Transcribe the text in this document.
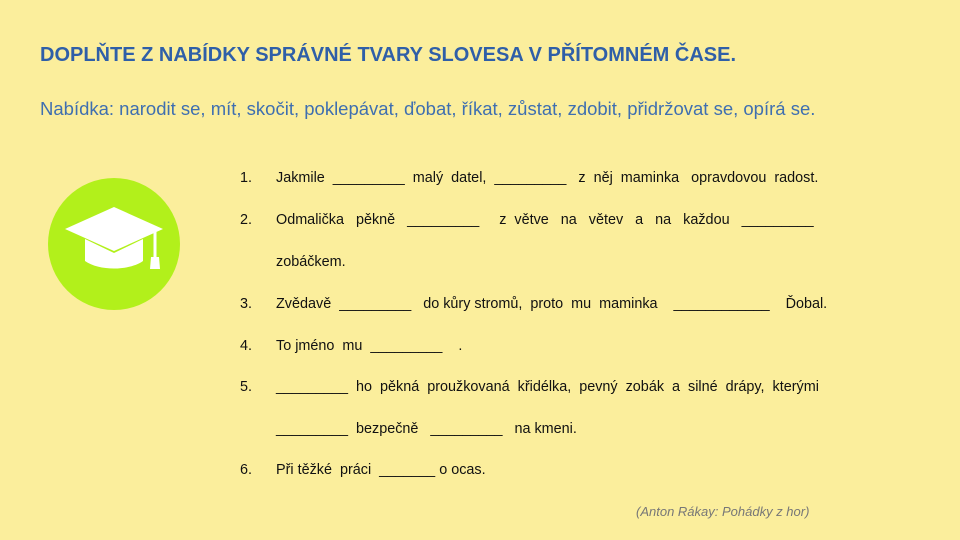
DOPLŇTE Z NABÍDKY SPRÁVNÉ TVARY SLOVESA V PŘÍTOMNÉM ČASE.
Nabídka: narodit se, mít, skočit, poklepávat, ďobat, říkat, zůstat, zdobit, přidržovat se, opírá se.
1.	Jakmile  _________  malý  datel,  _________   z  něj  maminka   opravdovou  radost.
2.	Odmalička   pěkně   _________     z  větve   na   větev   a   na   každou   _________
zobáčkem.
3.	Zvědavě  _________   do kůry stromů,  proto  mu  maminka    ____________    Ďobal.
4.	To jméno  mu  _________    .
5.	_________  ho  pěkná  proužkovaná  křidélka,  pevný  zobák  a  silné  drápy,  kterými
_________  bezpečně   _________   na kmeni.
6.	Při těžké  práci  _______ o ocas.
(Anton Rákay: Pohádky z hor)
